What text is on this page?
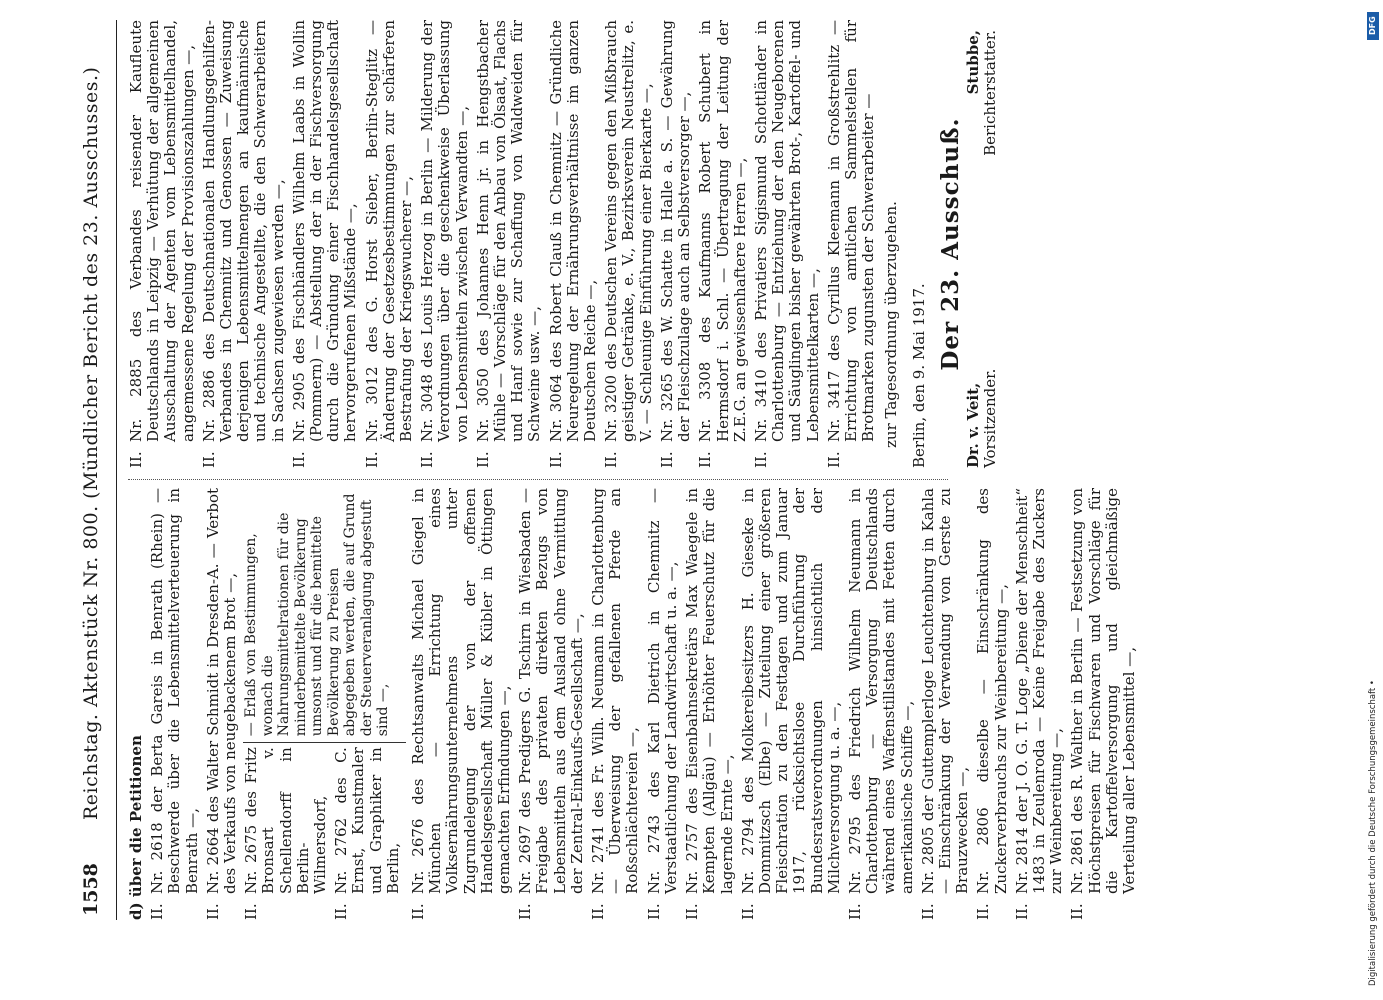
1558
Reichstag. Aktenstück Nr. 800. (Mündlicher Bericht des 23. Ausschusses.)
d) über die Petitionen II.
Nr. 2618 der Berta Gareis in Benrath (Rhein) — Beschwerde über die Lebensmittelverteuerung in Benrath —,
II.
Nr. 2664 des Walter Schmidt in Dresden-A. — Verbot des Verkaufs von neugebackenem Brot —,
II.
Nr. 2675 des Fritz Bronsart v. Schellendorff in Berlin-Wilmersdorf,
II.
Nr. 2762 des C. Ernst, Kunstmaler und Graphiker in Berlin,
— Erlaß von Bestimmungen, wonach die Nahrungsmittelrationen für die minderbemittelte Bevölkerung umsonst und für die bemittelte Bevölkerung zu Preisen abgegeben werden, die auf Grund der Steuerveranlagung abgestuft sind —,
II.
Nr. 2676 des Rechtsanwalts Michael Giegel in München — Errichtung eines Volksernährungsunternehmens unter Zugrundelegung der von der offenen Handelsgesellschaft Müller & Kübler in Öttingen gemachten Erfindungen —,
II.
Nr. 2697 des Predigers G. Tschirn in Wiesbaden — Freigabe des privaten direkten Bezugs von Lebensmitteln aus dem Ausland ohne Vermittlung der Zentral-Einkaufs-Gesellschaft —,
II.
Nr. 2741 des Fr. Wilh. Neumann in Charlottenburg — Überweisung der gefallenen Pferde an Roßschlächtereien —,
II.
Nr. 2743 des Karl Dietrich in Chemnitz — Verstaatlichung der Landwirtschaft u. a. —,
II.
Nr. 2757 des Eisenbahnsekretärs Max Waegele in Kempten (Allgäu) — Erhöhter Feuerschutz für die lagernde Ernte —,
II.
Nr. 2794 des Molkereibesitzers H. Gieseke in Dommitzsch (Elbe) — Zuteilung einer größeren Fleischration zu den Festtagen und zum Januar 1917, rücksichtslose Durchführung der Bundesratsverordnungen hinsichtlich der Milchversorgung u. a. —,
II.
Nr. 2795 des Friedrich Wilhelm Neumann in Charlottenburg — Versorgung Deutschlands während eines Waffenstillstandes mit Fetten durch amerikanische Schiffe —,
II.
Nr. 2805 der Guttemplerloge Leuchtenburg in Kahla — Einschränkung der Verwendung von Gerste zu Brauzwecken —,
II.
Nr. 2806 dieselbe — Einschränkung des Zuckerverbrauchs zur Weinbereitung —,
II.
Nr. 2814 der J. O. G. T. Loge „Diene der Menschheit“ 1483 in Zeulenroda — Keine Freigabe des Zuckers zur Weinbereitung —,
II.
Nr. 2861 des R. Walther in Berlin — Festsetzung von Höchstpreisen für Fischwaren und Vorschläge für die Kartoffelversorgung und gleichmäßige Verteilung aller Lebensmittel —,
II.
Nr. 2885 des Verbandes reisender Kaufleute Deutschlands in Leipzig — Verhütung der allgemeinen Ausschaltung der Agenten vom Lebensmittelhandel, angemessene Regelung der Provisionszahlungen —,
II.
Nr. 2886 des Deutschnationalen Handlungsgehilfen-Verbandes in Chemnitz und Genossen — Zuweisung derjenigen Lebensmittelmengen an kaufmännische und technische Angestellte, die den Schwerarbeitern in Sachsen zugewiesen werden —,
II.
Nr. 2905 des Fischhändlers Wilhelm Laabs in Wollin (Pommern) — Abstellung der in der Fischversorgung durch die Gründung einer Fischhandelsgesellschaft hervorgerufenen Mißstände —,
II.
Nr. 3012 des G. Horst Sieber, Berlin-Steglitz — Änderung der Gesetzesbestimmungen zur schärferen Bestrafung der Kriegswucherer —,
II.
Nr. 3048 des Louis Herzog in Berlin — Milderung der Verordnungen über die geschenkweise Überlassung von Lebensmitteln zwischen Verwandten —,
II.
Nr. 3050 des Johannes Henn jr. in Hengstbacher Mühle — Vorschläge für den Anbau von Ölsaat, Flachs und Hanf sowie zur Schaffung von Waldweiden für Schweine usw. —,
II.
Nr. 3064 des Robert Clauß in Chemnitz — Gründliche Neuregelung der Ernährungsverhältnisse im ganzen Deutschen Reiche —,
II.
Nr. 3200 des Deutschen Vereins gegen den Mißbrauch geistiger Getränke, e. V., Bezirksverein Neustrelitz, e. V. — Schleunige Einführung einer Bierkarte —,
II.
Nr. 3265 des W. Schatte in Halle a. S. — Gewährung der Fleischzulage auch an Selbstversorger —,
II.
Nr. 3308 des Kaufmanns Robert Schubert in Hermsdorf i. Schl. — Übertragung der Leitung der Z.E.G. an gewissenhaftere Herren —,
II.
Nr. 3410 des Privatiers Sigismund Schottländer in Charlottenburg — Entziehung der den Neugeborenen und Säuglingen bisher gewährten Brot-, Kartoffel- und Lebensmittelkarten —,
II.
Nr. 3417 des Cyrillus Kleemann in Großstrehlitz — Errichtung von amtlichen Sammelstellen für Brotmarken zugunsten der Schwerarbeiter — zur Tagesordnung überzugehen. Berlin, den 9. Mai 1917.
Der 23. Ausschuß.
Dr. v. Veit, Vorsitzender.
Stubbe, Berichterstatter.
DFG
Digitalisierung gefördert durch die Deutsche Forschungsgemeinschaft •
